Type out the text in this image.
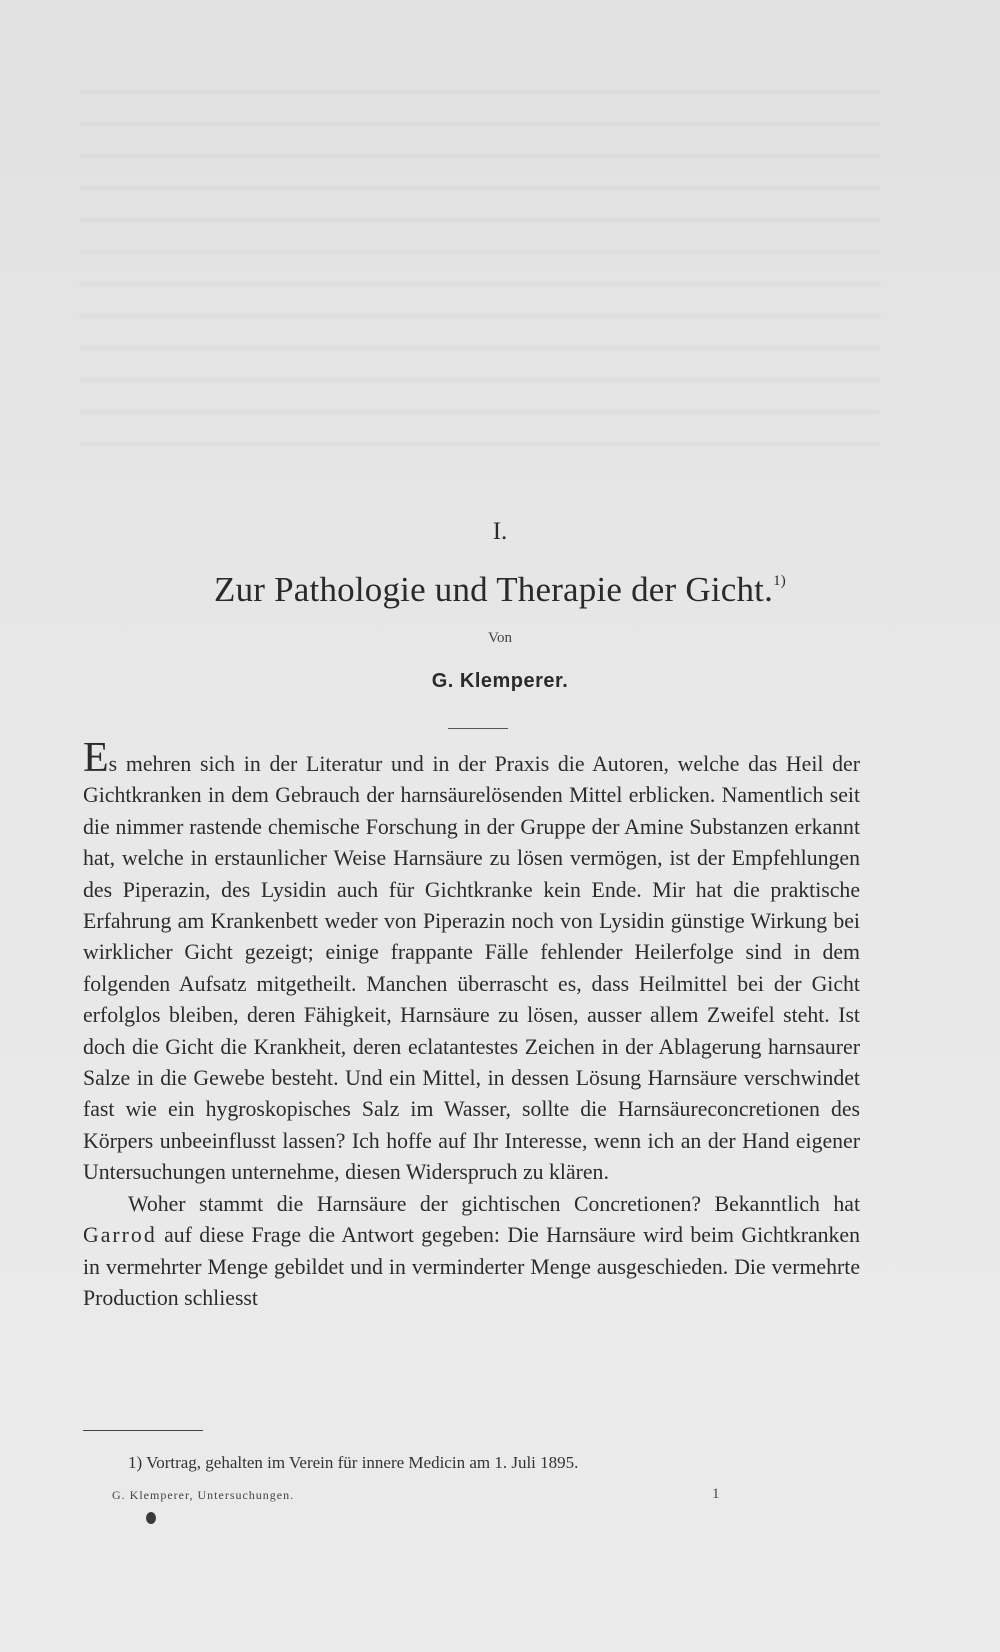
I.
Zur Pathologie und Therapie der Gicht.$^{1)}$
Von
G. Klemperer.

Es mehren sich in der Literatur und in der Praxis die Autoren, welche das Heil der Gichtkranken in dem Gebrauch der harnsäurelösenden Mittel erblicken. Namentlich seit die nimmer rastende chemische Forschung in der Gruppe der Amine Substanzen erkannt hat, welche in erstaunlicher Weise Harnsäure zu lösen vermögen, ist der Empfehlungen des Piperazin, des Lysidin auch für Gichtkranke kein Ende. Mir hat die praktische Erfahrung am Krankenbett weder von Piperazin noch von Lysidin günstige Wirkung bei wirklicher Gicht gezeigt; einige frappante Fälle fehlender Heilerfolge sind in dem folgenden Aufsatz mitgetheilt. Manchen überrascht es, dass Heilmittel bei der Gicht erfolglos bleiben, deren Fähigkeit, Harnsäure zu lösen, ausser allem Zweifel steht. Ist doch die Gicht die Krankheit, deren eclatantestes Zeichen in der Ablagerung harnsaurer Salze in die Gewebe besteht. Und ein Mittel, in dessen Lösung Harnsäure verschwindet fast wie ein hygroskopisches Salz im Wasser, sollte die Harnsäureconcretionen des Körpers unbeeinflusst lassen? Ich hoffe auf Ihr Interesse, wenn ich an der Hand eigener Untersuchungen unternehme, diesen Widerspruch zu klären.

Woher stammt die Harnsäure der gichtischen Concretionen? Bekanntlich hat Garrod auf diese Frage die Antwort gegeben: Die Harnsäure wird beim Gichtkranken in vermehrter Menge gebildet und in verminderter Menge ausgeschieden. Die vermehrte Production schliesst

1) Vortrag, gehalten im Verein für innere Medicin am 1. Juli 1895.
G. Klemperer, Untersuchungen.	1
